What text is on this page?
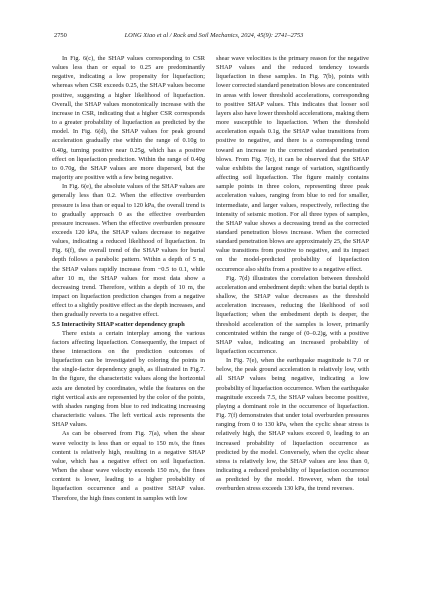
2750	LONG Xiao et al / Rock and Soil Mechanics, 2024, 45(9): 2741–2753

In Fig. 6(c), the SHAP values corresponding to CSR values less than or equal to 0.25 are predominantly negative, indicating a low propensity for liquefaction; whereas when CSR exceeds 0.25, the SHAP values become positive, suggesting a higher likelihood of liquefaction. Overall, the SHAP values monotonically increase with the increase in CSR, indicating that a higher CSR corresponds to a greater probability of liquefaction as predicted by the model. In Fig. 6(d), the SHAP values for peak ground acceleration gradually rise within the range of 0.10g to 0.40g, turning positive near 0.25g, which has a positive effect on liquefaction prediction. Within the range of 0.40g to 0.70g, the SHAP values are more dispersed, but the majority are positive with a few being negative.

In Fig. 6(e), the absolute values of the SHAP values are generally less than 0.2. When the effective overburden pressure is less than or equal to 120 kPa, the overall trend is to gradually approach 0 as the effective overburden pressure increases. When the effective overburden pressure exceeds 120 kPa, the SHAP values decrease to negative values, indicating a reduced likelihood of liquefaction. In Fig. 6(f), the overall trend of the SHAP values for burial depth follows a parabolic pattern. Within a depth of 5 m, the SHAP values rapidly increase from −0.5 to 0.1, while after 10 m, the SHAP values for most data show a decreasing trend. Therefore, within a depth of 10 m, the impact on liquefaction prediction changes from a negative effect to a slightly positive effect as the depth increases, and then gradually reverts to a negative effect.

5.5 Interactivity SHAP scatter dependency graph

There exists a certain interplay among the various factors affecting liquefaction. Consequently, the impact of these interactions on the prediction outcomes of liquefaction can be investigated by coloring the points in the single-factor dependency graph, as illustrated in Fig.7. In the figure, the characteristic values along the horizontal axis are denoted by coordinates, while the features on the right vertical axis are represented by the color of the points, with shades ranging from blue to red indicating increasing characteristic values. The left vertical axis represents the SHAP values.

As can be observed from Fig. 7(a), when the shear wave velocity is less than or equal to 150 m/s, the fines content is relatively high, resulting in a negative SHAP value, which has a negative effect on soil liquefaction. When the shear wave velocity exceeds 150 m/s, the fines content is lower, leading to a higher probability of liquefaction occurrence and a positive SHAP value. Therefore, the high fines content in samples with low

shear wave velocities is the primary reason for the negative SHAP values and the reduced tendency towards liquefaction in these samples. In Fig. 7(b), points with lower corrected standard penetration blows are concentrated in areas with lower threshold accelerations, corresponding to positive SHAP values. This indicates that looser soil layers also have lower threshold accelerations, making them more susceptible to liquefaction. When the threshold acceleration equals 0.1g, the SHAP value transitions from positive to negative, and there is a corresponding trend toward an increase in the corrected standard penetration blows. From Fig. 7(c), it can be observed that the SHAP value exhibits the largest range of variation, significantly affecting soil liquefaction. The figure mainly contains sample points in three colors, representing three peak acceleration values, ranging from blue to red for smaller, intermediate, and larger values, respectively, reflecting the intensity of seismic motion. For all three types of samples, the SHAP value shows a decreasing trend as the corrected standard penetration blows increase. When the corrected standard penetration blows are approximately 25, the SHAP value transitions from positive to negative, and its impact on the model-predicted probability of liquefaction occurrence also shifts from a positive to a negative effect.

Fig. 7(d) illustrates the correlation between threshold acceleration and embedment depth: when the burial depth is shallow, the SHAP value decreases as the threshold acceleration increases, reducing the likelihood of soil liquefaction; when the embedment depth is deeper, the threshold acceleration of the samples is lower, primarily concentrated within the range of (0–0.2)g, with a positive SHAP value, indicating an increased probability of liquefaction occurrence.

In Fig. 7(e), when the earthquake magnitude is 7.0 or below, the peak ground acceleration is relatively low, with all SHAP values being negative, indicating a low probability of liquefaction occurrence. When the earthquake magnitude exceeds 7.5, the SHAP values become positive, playing a dominant role in the occurrence of liquefaction. Fig. 7(f) demonstrates that under total overburden pressures ranging from 0 to 130 kPa, when the cyclic shear stress is relatively high, the SHAP values exceed 0, leading to an increased probability of liquefaction occurrence as predicted by the model. Conversely, when the cyclic shear stress is relatively low, the SHAP values are less than 0, indicating a reduced probability of liquefaction occurrence as predicted by the model. However, when the total overburden stress exceeds 130 kPa, the trend reverses.
